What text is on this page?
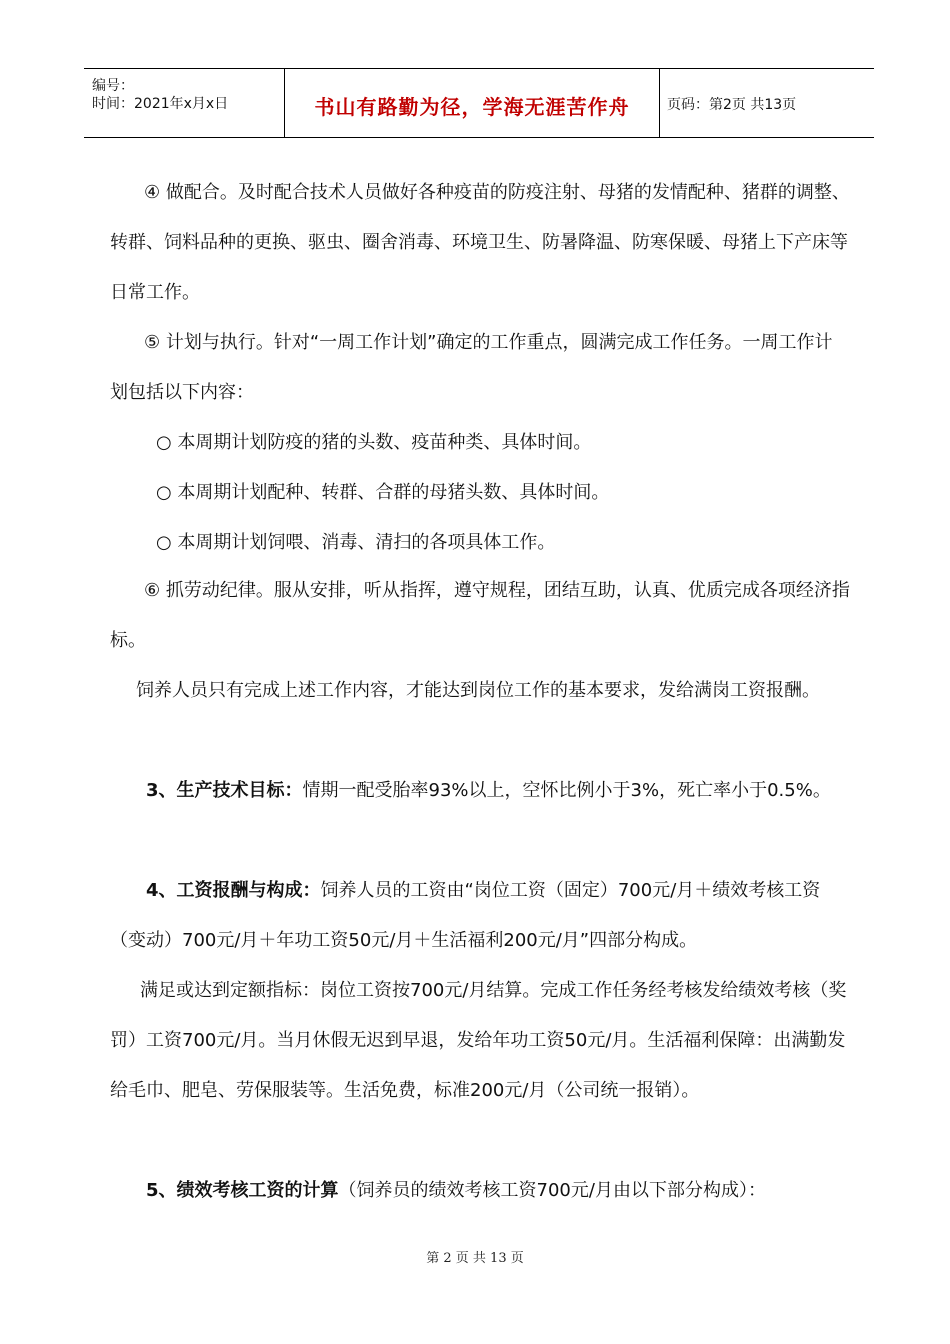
编号：
时间：2021年x月x日	书山有路勤为径，学海无涯苦作舟	页码：第2页 共13页

④ 做配合。及时配合技术人员做好各种疫苗的防疫注射、母猪的发情配种、猪群的调整、转群、饲料品种的更换、驱虫、圈舍消毒、环境卫生、防暑降温、防寒保暖、母猪上下产床等日常工作。

⑤ 计划与执行。针对“一周工作计划”确定的工作重点，圆满完成工作任务。一周工作计划包括以下内容：

○ 本周期计划防疫的猪的头数、疫苗种类、具体时间。

○ 本周期计划配种、转群、合群的母猪头数、具体时间。

○ 本周期计划饲喂、消毒、清扫的各项具体工作。

⑥ 抓劳动纪律。服从安排，听从指挥，遵守规程，团结互助，认真、优质完成各项经济指标。

饲养人员只有完成上述工作内容，才能达到岗位工作的基本要求，发给满岗工资报酬。

3、生产技术目标：情期一配受胎率93%以上，空怀比例小于3%，死亡率小于0.5%。

4、工资报酬与构成：饲养人员的工资由“岗位工资（固定）700元/月＋绩效考核工资（变动）700元/月＋年功工资50元/月＋生活福利200元/月”四部分构成。

满足或达到定额指标：岗位工资按700元/月结算。完成工作任务经考核发给绩效考核（奖罚）工资700元/月。当月休假无迟到早退，发给年功工资50元/月。生活福利保障：出满勤发给毛巾、肥皂、劳保服装等。生活免费，标准200元/月（公司统一报销）。

5、绩效考核工资的计算（饲养员的绩效考核工资700元/月由以下部分构成）：

第 2 页 共 13 页
